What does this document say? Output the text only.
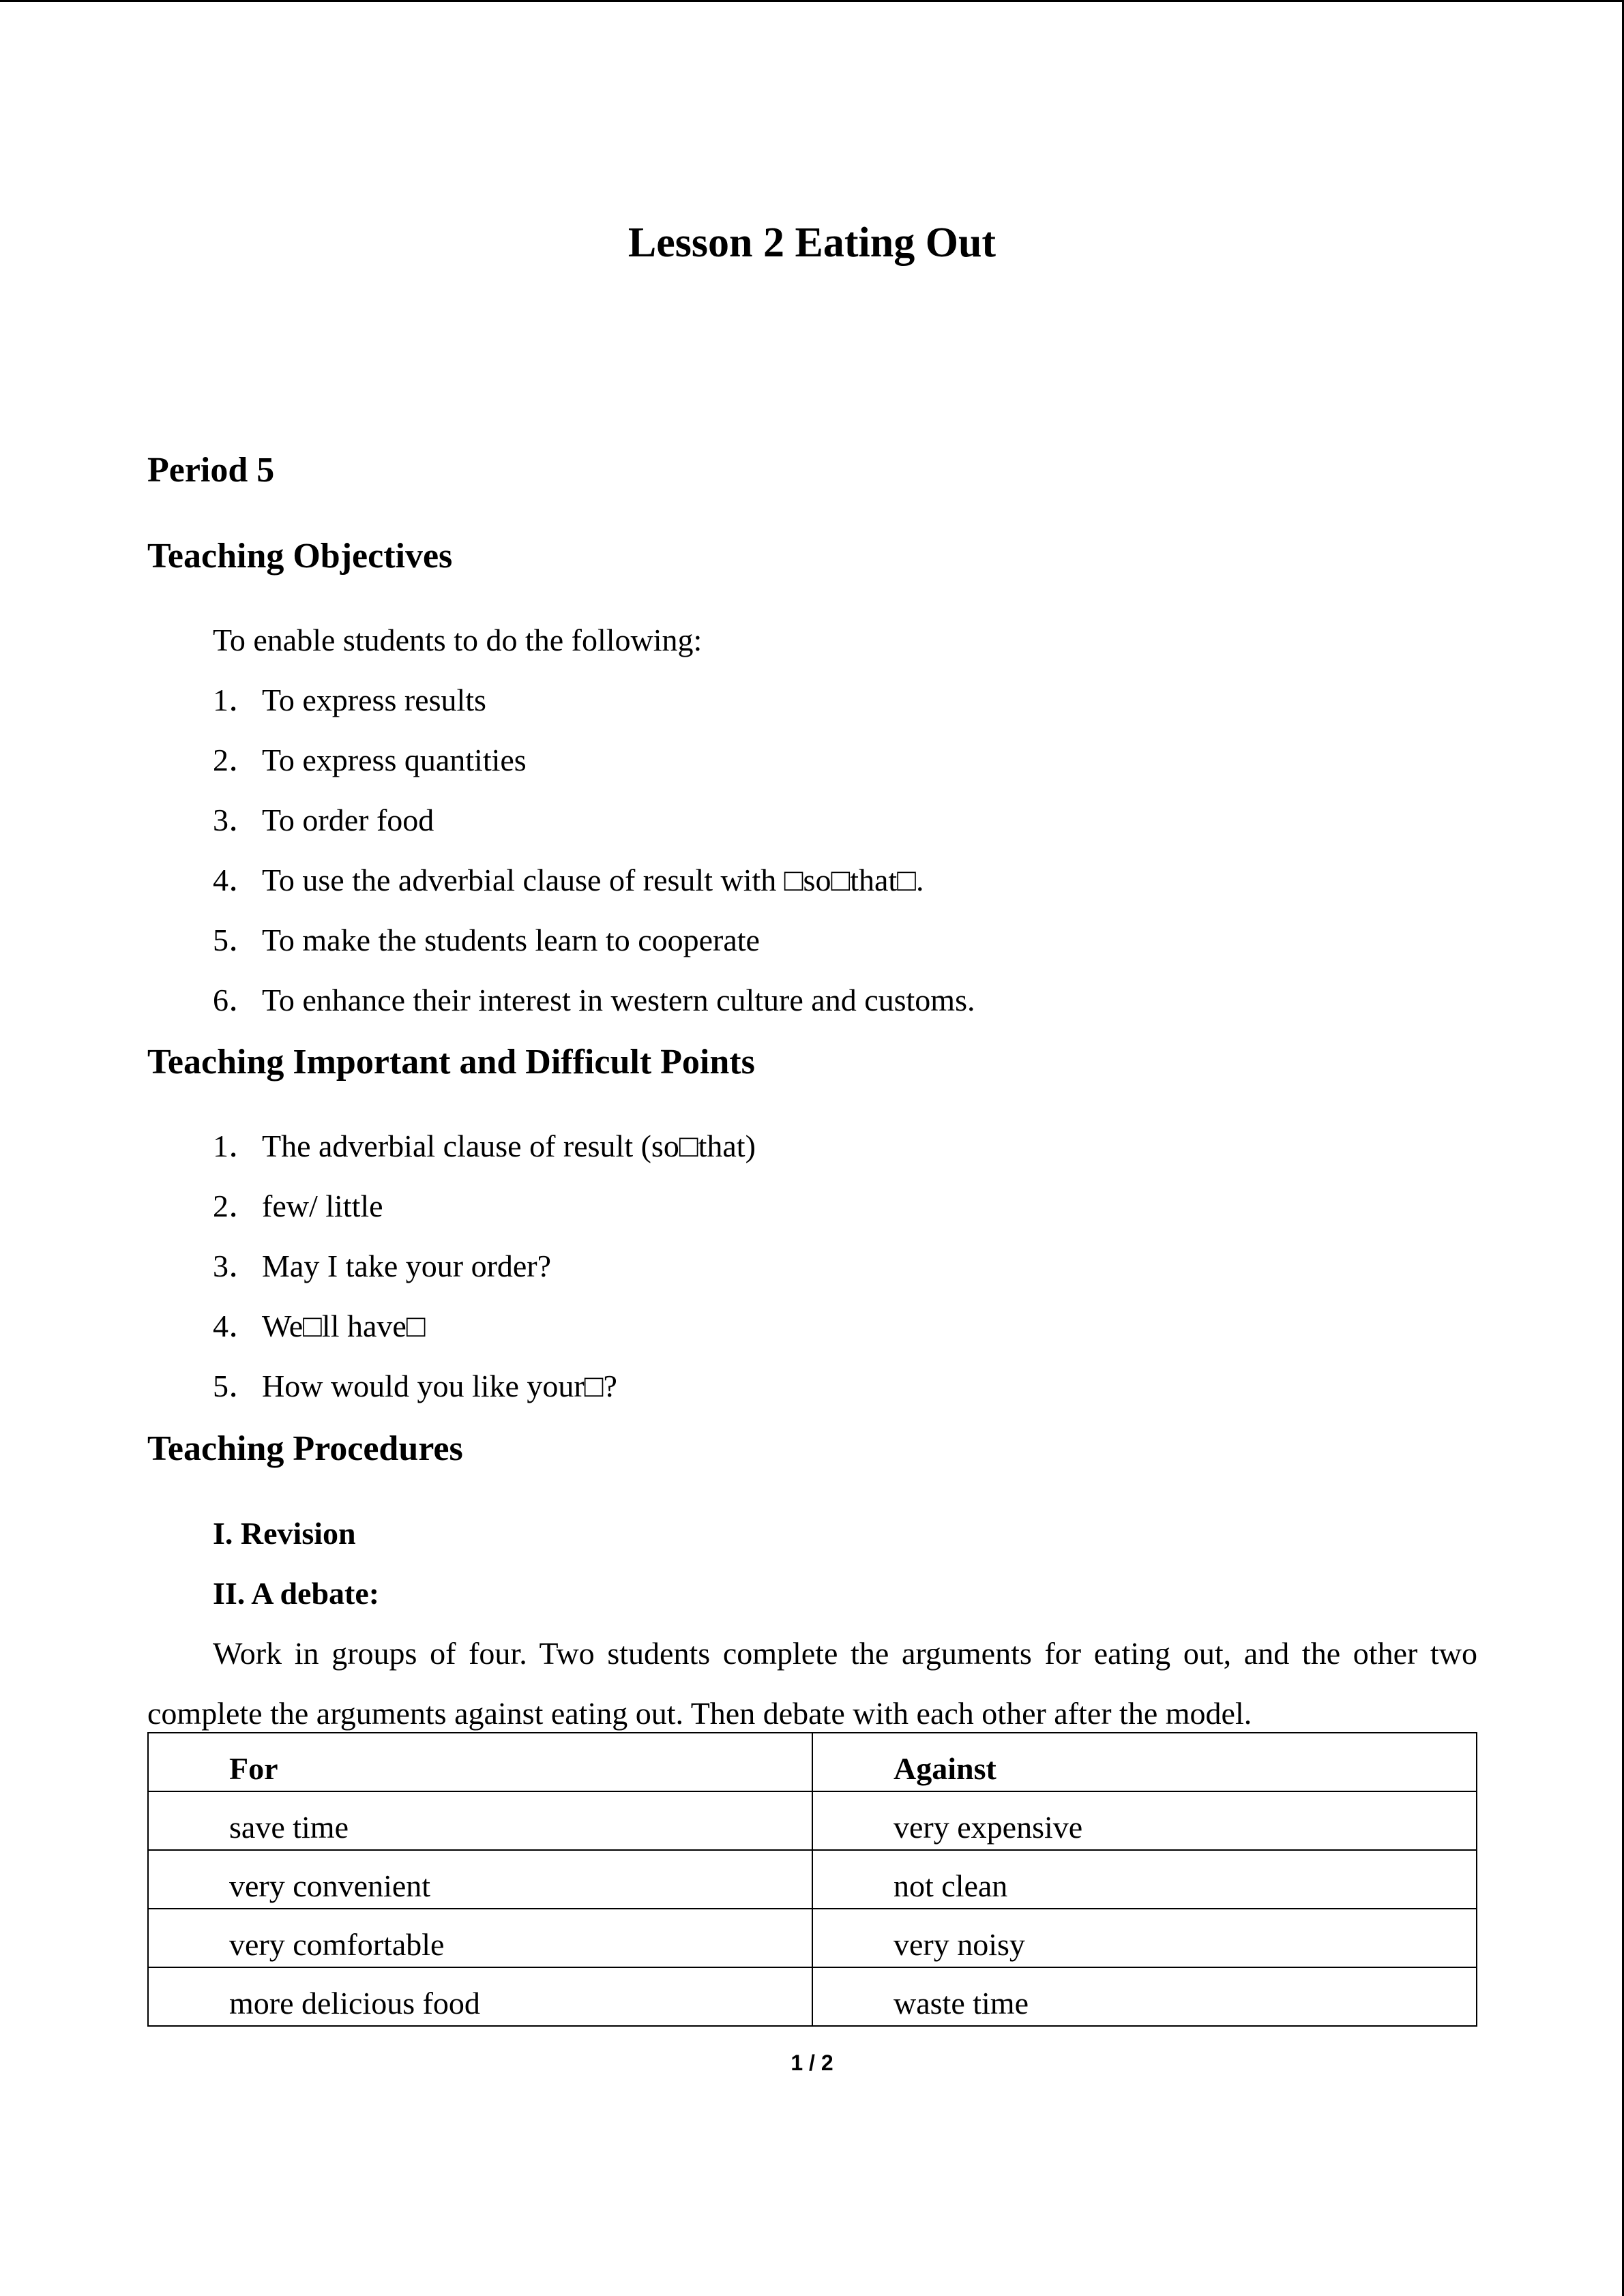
Lesson 2 Eating Out
Period 5
Teaching Objectives
To enable students to do the following:
1．To express results
2．To express quantities
3．To order food
4．To use the adverbial clause of result with □so□that□.
5．To make the students learn to cooperate
6．To enhance their interest in western culture and customs.
Teaching Important and Difficult Points
1．The adverbial clause of result (so□that)
2．few/ little
3．May I take your order?
4．We□ll have□
5．How would you like your□?
Teaching Procedures
I. Revision
II. A debate:
Work in groups of four. Two students complete the arguments for eating out, and the other two complete the arguments against eating out. Then debate with each other after the model.
For	Against
save time	very expensive
very convenient	not clean
very comfortable	very noisy
more delicious food	waste time
1 / 2
